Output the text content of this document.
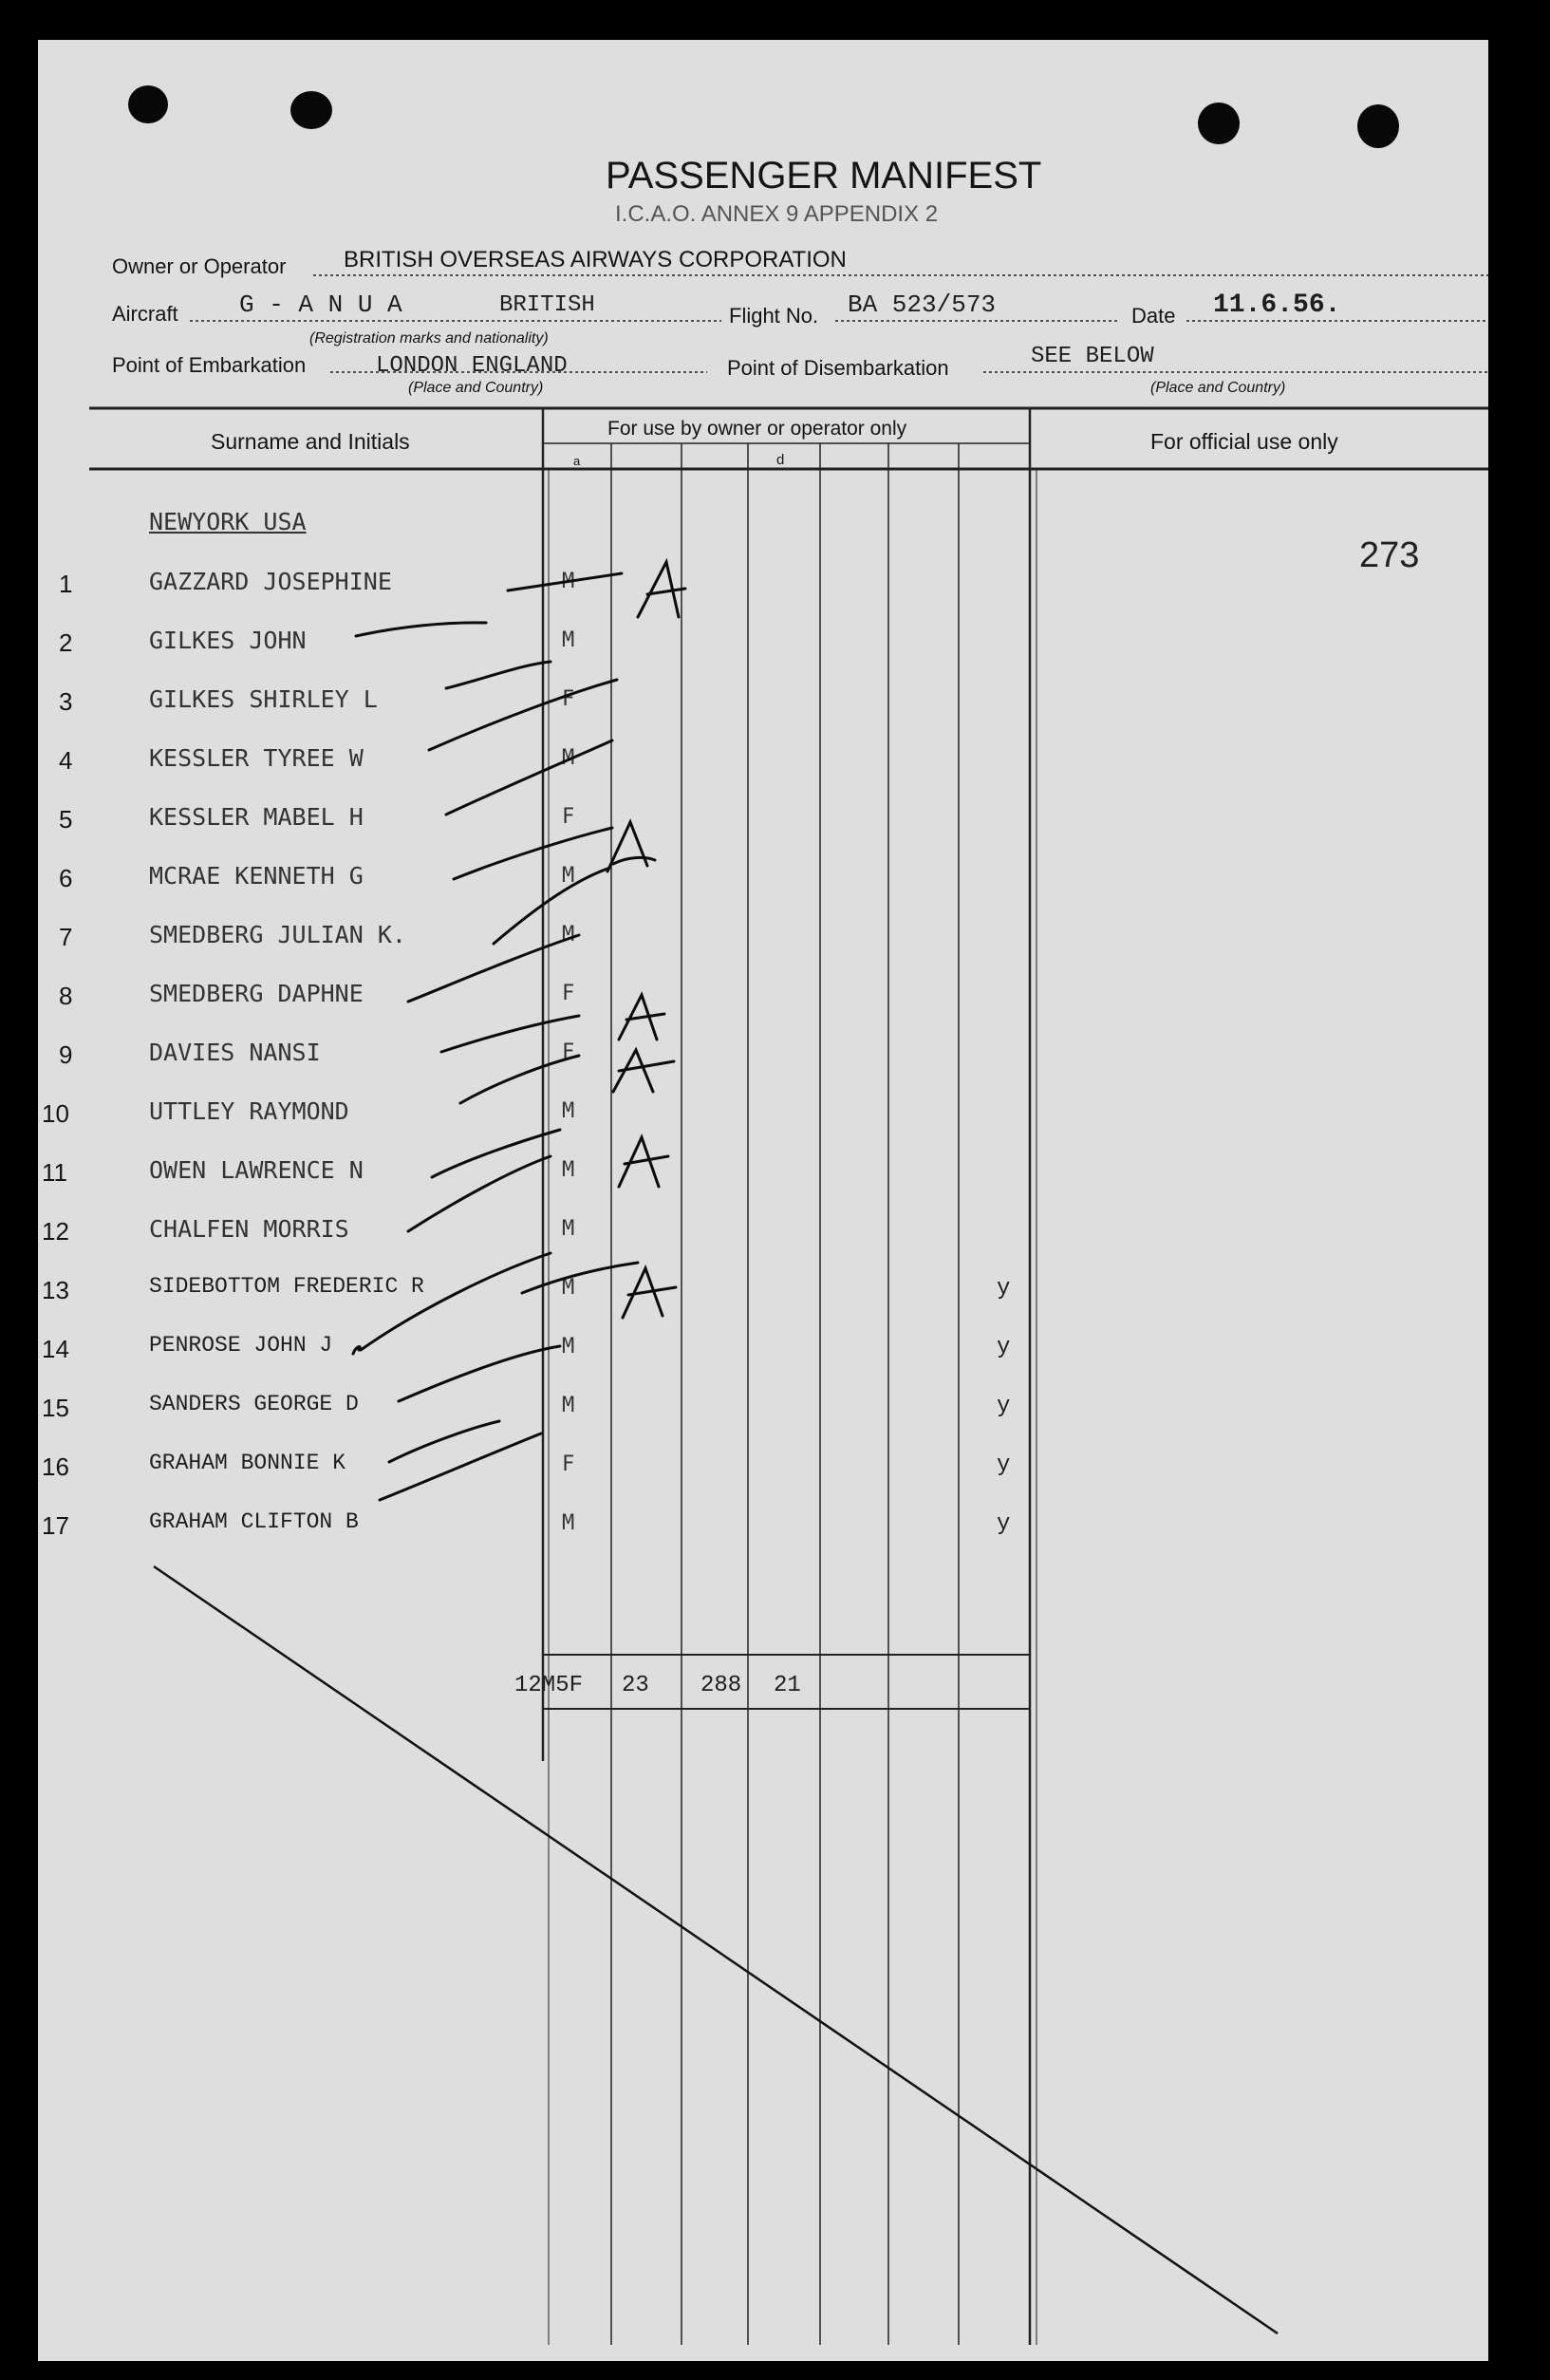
PASSENGER MANIFEST
I.C.A.O. ANNEX 9 APPENDIX 2
Owner or Operator	BRITISH OVERSEAS AIRWAYS CORPORATION
Aircraft G - A N U A	BRITISH
(Registration marks and nationality)
Flight No. BA 523/573	Date 11.6.56.
Point of Embarkation	LONDON ENGLAND
(Place and Country)
Point of Disembarkation	SEE BELOW
(Place and Country)
Surname and Initials
For use by owner or operator only
For official use only
a	d
NEWYORK USA
273
1	GAZZARD JOSEPHINE	M
2	GILKES JOHN	M
3	GILKES SHIRLEY L	F
4	KESSLER TYREE W	M
5	KESSLER MABEL H	F
6	MCRAE KENNETH G	M
7	SMEDBERG JULIAN K.	M
8	SMEDBERG DAPHNE	F
9	DAVIES NANSI	F
10	UTTLEY RAYMOND	M
11	OWEN LAWRENCE N	M
12	CHALFEN MORRIS	M
13	SIDEBOTTOM FREDERIC R	M	y
14	PENROSE JOHN J	M	y
15	SANDERS GEORGE D	M	y
16	GRAHAM BONNIE K	F	y
17	GRAHAM CLIFTON B	M	y
12M5F 23 288 21
